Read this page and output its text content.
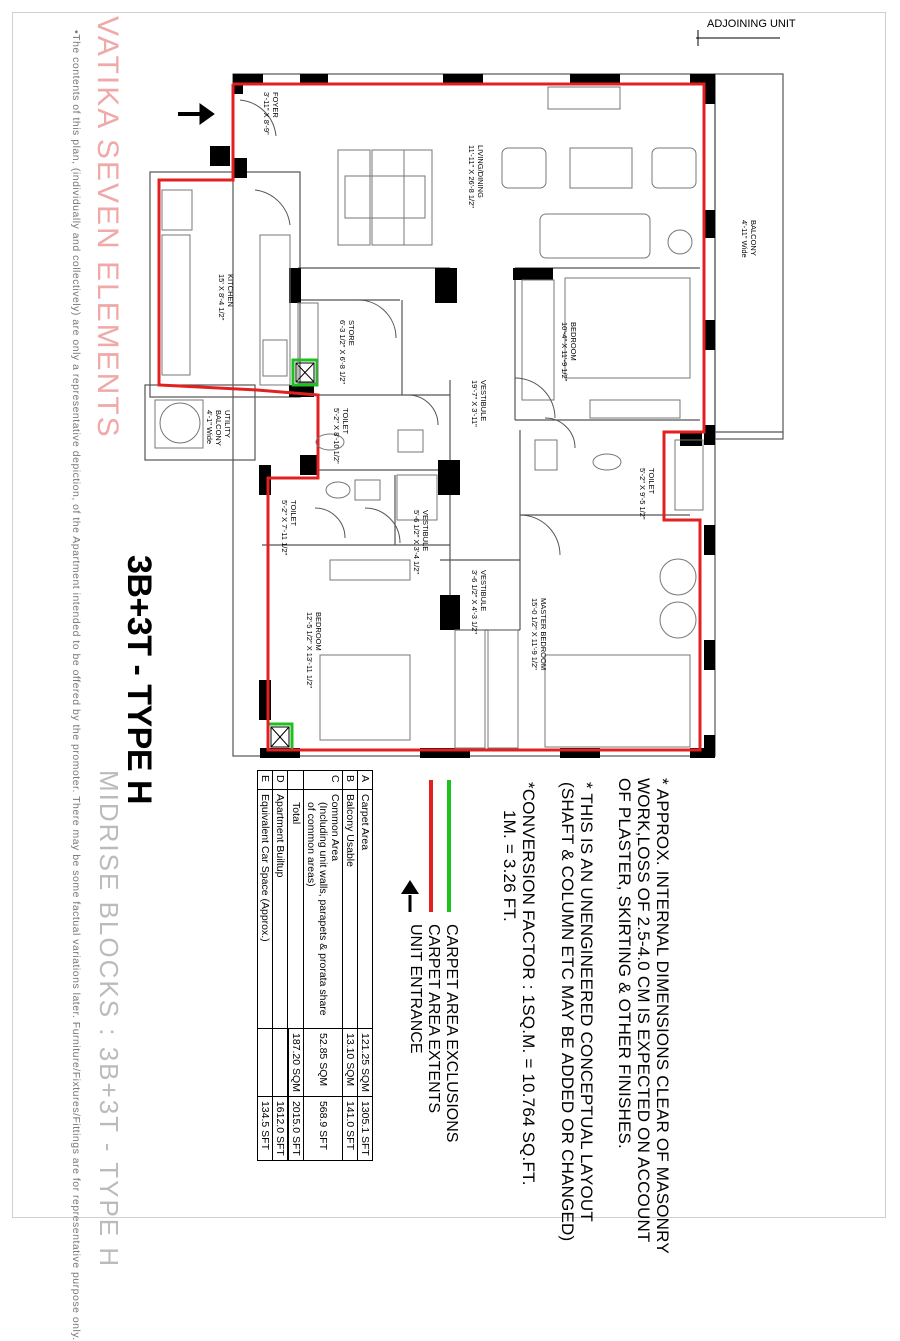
VATIKA SEVEN ELEMENTS
•The contents of this plan, (individually and collectively) are only a representative depiction, of the Apartment intended to be offered by the promoter. There may be some factual variations later. Furniture/Fixtures/Fittings are for representative purpose only. MIDRISE BLOCKS : 3B+3T - TYPE H
3B+3T - TYPE H
ADJOINING UNIT
FOYER
3'-11" X 8'-9"
LIVING/DINING
11'-11" X 26'-8 1/2"
BALCONY
4'-11" Wide
KITCHEN
15' X 8'-4 1/2"
STORE
6'-3 1/2" X 6'-8 1/2"	BEDROOM
10'-4" X 11'-9 1/2"
VESTIBULE
19'-7" X 3'-11"
UTILITY BALCONY
4'-1" Wide	TOILET
5'-2" X 8'-10 1/2"
TOILET
5'-2" X 9'-5 1/2"
TOILET
5'-2" X 7'-11 1/2"	VESTIBULE
5'-6 1/2" X 3'-4 1/2"
VESTIBULE
3'-6 1/2" X 4'-3 1/2"
BEDROOM
12'-5 1/2" X 13'-11 1/2"	MASTER BEDROOM
15'-0 1/2" X 11'-9 1/2"
* APPROX. INTERNAL DIMENSIONS CLEAR OF MASONRY
WORK,LOSS OF 2.5-4.0 CM IS EXPECTED ON ACCOUNT
OF PLASTER, SKIRTING & OTHER FINISHES.
* THIS IS AN UNENGINEERED CONCEPTUAL LAYOUT
(SHAFT & COLUMN ETC MAY BE ADDED OR CHANGED)
*CONVERSION FACTOR : 1SQ.M. = 10.764 SQ.FT.
1M. = 3.26 FT.
CARPET AREA EXCLUSIONS
CARPET AREA EXTENTS
UNIT ENTRANCE
A	Carpet Area	121.25 SQM	1305.1 SFT
B	Balcony Usable	13.10 SQM	141.0 SFT
C	Common Area
(Including unit walls, parapets & prorata share
of common areas)	52.85 SQM	568.9 SFT
	Total	187.20 SQM	2015.0 SFT
D	Apartment Builtup		1612.0 SFT
E	Equivalent Car Space (Approx.)		134.5 SFT
